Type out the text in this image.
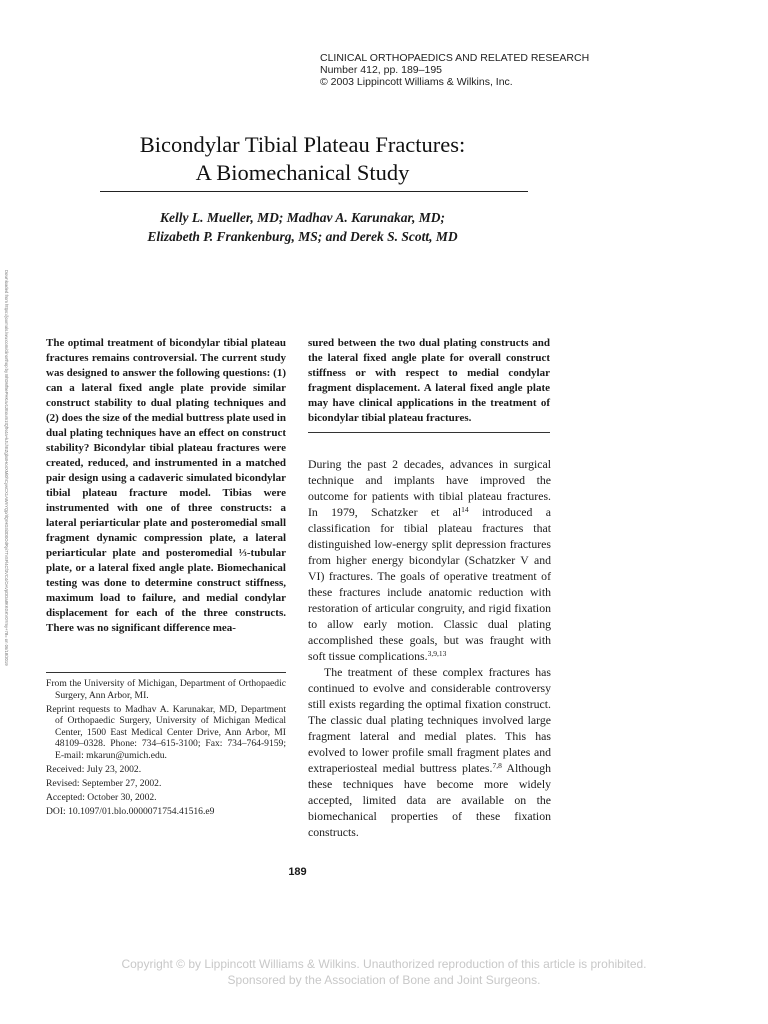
CLINICAL ORTHOPAEDICS AND RELATED RESEARCH
Number 412, pp. 189–195
© 2003 Lippincott Williams & Wilkins, Inc.
Bicondylar Tibial Plateau Fractures:
A Biomechanical Study
Kelly L. Mueller, MD; Madhav A. Karunakar, MD;
Elizabeth P. Frankenburg, MS; and Derek S. Scott, MD
Downloaded from https://journals.lww.com/clinorthop by BhDMf5ePHKav1zEoum1tQfN4a+kJLhEZgbsIHo4XMi0hCywCX1AWnYQp/IlQrHD3i3D0OdRyi7TvSFl4Cf3VC4/OAVpDDa8KKGKV0Ymy+78= on 06/18/2019	The optimal treatment of bicondylar tibial plateau fractures remains controversial. The current study was designed to answer the following questions: (1) can a lateral fixed angle plate provide similar construct stability to dual plating techniques and (2) does the size of the medial buttress plate used in dual plating techniques have an effect on construct stability? Bicondylar tibial plateau fractures were created, reduced, and instrumented in a matched pair design using a cadaveric simulated bicondylar tibial plateau fracture model. Tibias were instrumented with one of three constructs: a lateral periarticular plate and posteromedial small fragment dynamic compression plate, a lateral periarticular plate and posteromedial ⅓-tubular plate, or a lateral fixed angle plate. Biomechanical testing was done to determine construct stiffness, maximum load to failure, and medial condylar displacement for each of the three constructs. There was no significant difference mea-

sured between the two dual plating constructs and the lateral fixed angle plate for overall construct stiffness or with respect to medial condylar fragment displacement. A lateral fixed angle plate may have clinical applications in the treatment of bicondylar tibial plateau fractures.

During the past 2 decades, advances in surgical technique and implants have improved the outcome for patients with tibial plateau fractures. In 1979, Schatzker et $al^{14}$ introduced a classification for tibial plateau fractures that distinguished low-energy split depression fractures from higher energy bicondylar (Schatzker V and VI) fractures. The goals of operative treatment of these fractures include anatomic reduction with restoration of articular congruity, and rigid fixation to allow early motion. Classic dual plating accomplished these goals, but was fraught with soft tissue complications.$^{3,9,13}$

The treatment of these complex fractures has continued to evolve and considerable controversy still exists regarding the optimal fixation construct. The classic dual plating techniques involved large fragment lateral and medial plates. This has evolved to lower profile small fragment plates and extraperiosteal medial buttress plates.$^{7,8}$ Although these techniques have become more widely accepted, limited data are available on the biomechanical properties of these fixation constructs.

From the University of Michigan, Department of Orthopaedic Surgery, Ann Arbor, MI.

Reprint requests to Madhav A. Karunakar, MD, Department of Orthopaedic Surgery, University of Michigan Medical Center, 1500 East Medical Center Drive, Ann Arbor, MI 48109–0328. Phone: 734–615-3100; Fax: 734–764-9159; E-mail: mkarun@umich.edu.

Received: July 23, 2002.

Revised: September 27, 2002.

Accepted: October 30, 2002.

DOI: 10.1097/01.blo.0000071754.41516.e9

189
Copyright © by Lippincott Williams & Wilkins. Unauthorized reproduction of this article is prohibited.
Sponsored by the Association of Bone and Joint Surgeons.
